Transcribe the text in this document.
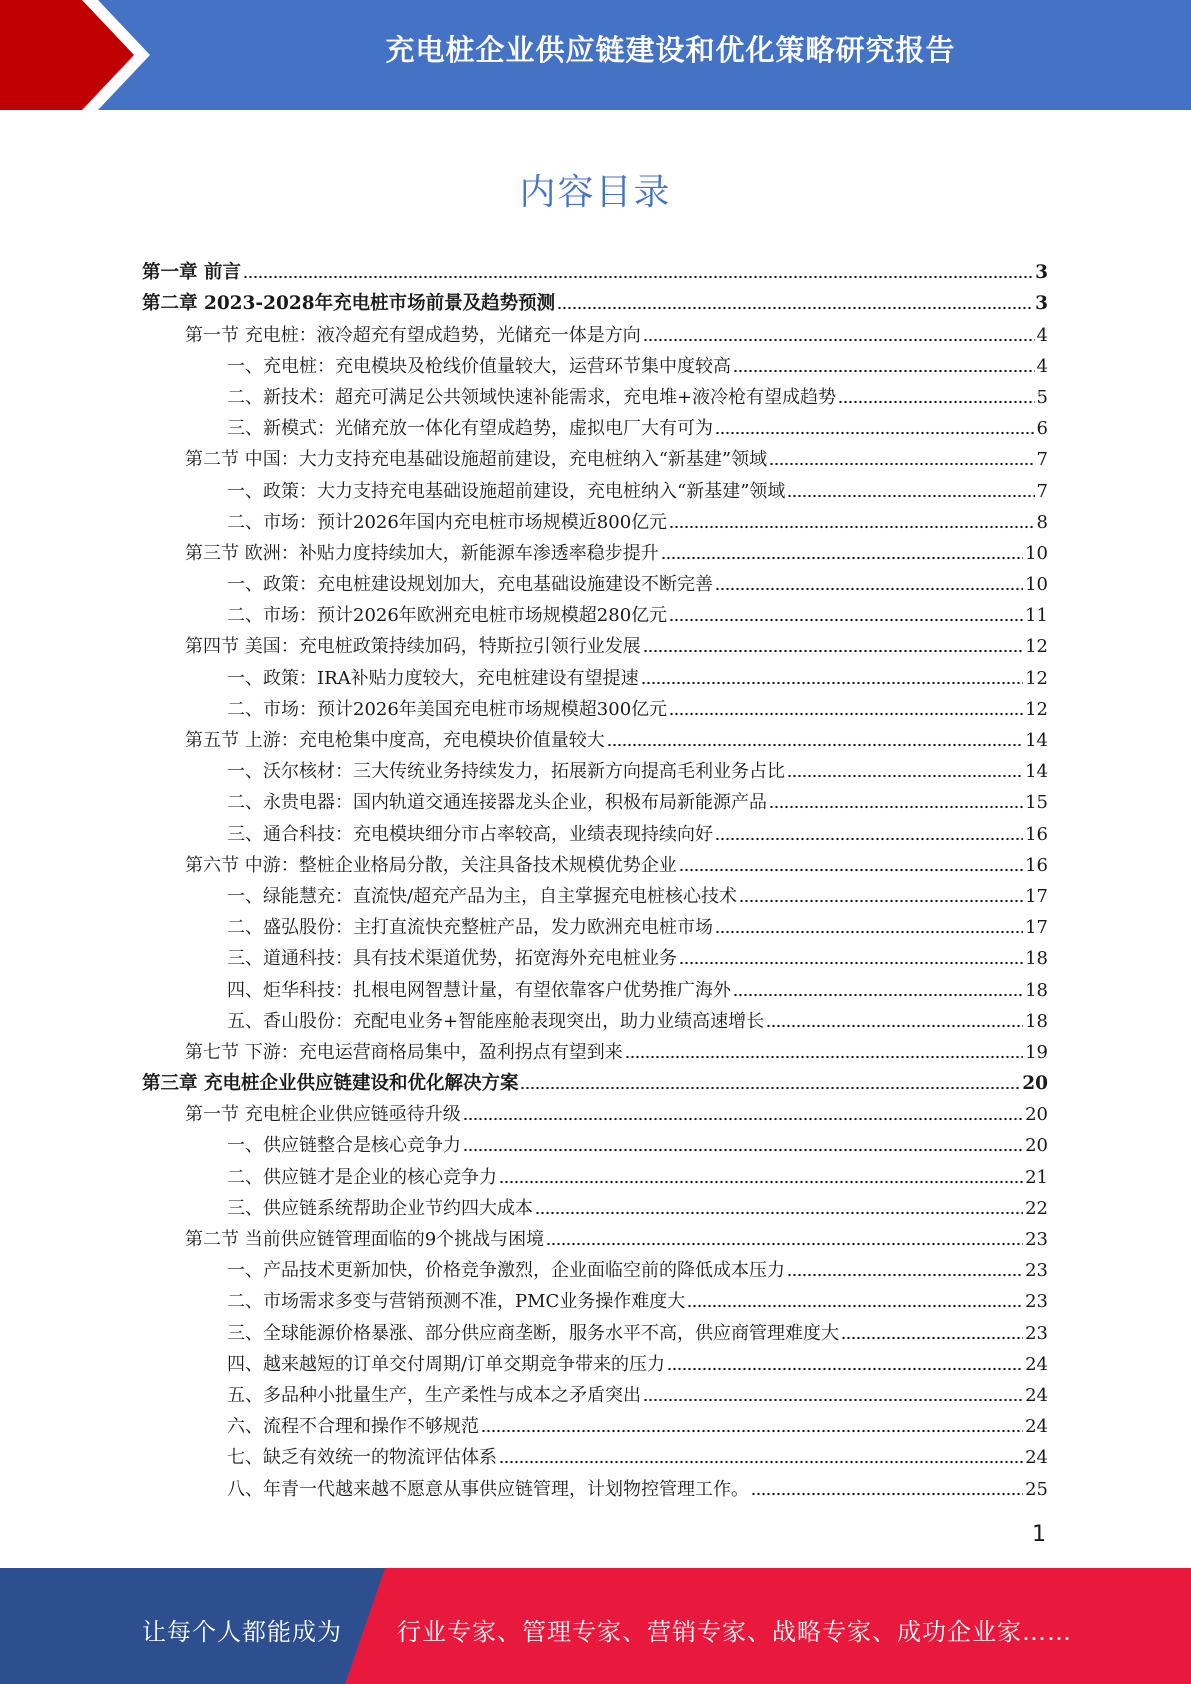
充电桩企业供应链建设和优化策略研究报告
内容目录
第一章 前言	3
第二章 2023-2028年充电桩市场前景及趋势预测	3
第一节 充电桩：液冷超充有望成趋势，光储充一体是方向	4
一、充电桩：充电模块及枪线价值量较大，运营环节集中度较高	4
二、新技术：超充可满足公共领域快速补能需求，充电堆+液冷枪有望成趋势	5
三、新模式：光储充放一体化有望成趋势，虚拟电厂大有可为	6
第二节 中国：大力支持充电基础设施超前建设，充电桩纳入“新基建”领域	7
一、政策：大力支持充电基础设施超前建设，充电桩纳入“新基建”领域	7
二、市场：预计2026年国内充电桩市场规模近800亿元	8
第三节 欧洲：补贴力度持续加大，新能源车渗透率稳步提升	10
一、政策：充电桩建设规划加大，充电基础设施建设不断完善	10
二、市场：预计2026年欧洲充电桩市场规模超280亿元	11
第四节 美国：充电桩政策持续加码，特斯拉引领行业发展	12
一、政策：IRA补贴力度较大，充电桩建设有望提速	12
二、市场：预计2026年美国充电桩市场规模超300亿元	12
第五节 上游：充电枪集中度高，充电模块价值量较大	14
一、沃尔核材：三大传统业务持续发力，拓展新方向提高毛利业务占比	14
二、永贵电器：国内轨道交通连接器龙头企业，积极布局新能源产品	15
三、通合科技：充电模块细分市占率较高，业绩表现持续向好	16
第六节 中游：整桩企业格局分散，关注具备技术规模优势企业	16
一、绿能慧充：直流快/超充产品为主，自主掌握充电桩核心技术	17
二、盛弘股份：主打直流快充整桩产品，发力欧洲充电桩市场	17
三、道通科技：具有技术渠道优势，拓宽海外充电桩业务	18
四、炬华科技：扎根电网智慧计量，有望依靠客户优势推广海外	18
五、香山股份：充配电业务+智能座舱表现突出，助力业绩高速增长	18
第七节 下游：充电运营商格局集中，盈利拐点有望到来	19
第三章 充电桩企业供应链建设和优化解决方案	20
第一节 充电桩企业供应链亟待升级	20
一、供应链整合是核心竞争力	20
二、供应链才是企业的核心竞争力	21
三、供应链系统帮助企业节约四大成本	22
第二节 当前供应链管理面临的9个挑战与困境	23
一、产品技术更新加快，价格竞争激烈，企业面临空前的降低成本压力	23
二、市场需求多变与营销预测不准，PMC业务操作难度大	23
三、全球能源价格暴涨、部分供应商垄断，服务水平不高，供应商管理难度大	23
四、越来越短的订单交付周期/订单交期竞争带来的压力	24
五、多品种小批量生产，生产柔性与成本之矛盾突出	24
六、流程不合理和操作不够规范	24
七、缺乏有效统一的物流评估体系	24
八、年青一代越来越不愿意从事供应链管理，计划物控管理工作。	25
1
让每个人都能成为 行业专家、管理专家、营销专家、战略专家、成功企业家……
